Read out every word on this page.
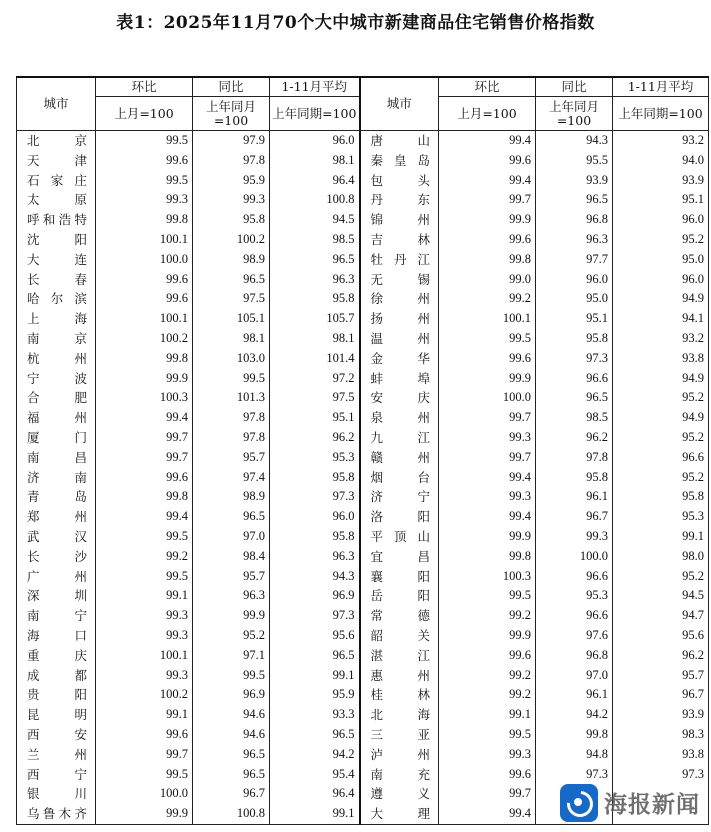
表1：2025年11月70个大中城市新建商品住宅销售价格指数
城市	环比	同比	1-11月平均	城市	环比	同比	1-11月平均
	上月=100	上年同月=100	上年同期=100		上月=100	上年同月=100	上年同期=100
北京	99.5	97.9	96.0	唐山	99.4	94.3	93.2
天津	99.6	97.8	98.1	秦皇岛	99.6	95.5	94.0
石家庄	99.5	95.9	96.4	包头	99.4	93.9	93.9
太原	99.3	99.3	100.8	丹东	99.7	96.5	95.1
呼和浩特	99.8	95.8	94.5	锦州	99.9	96.8	96.0
沈阳	100.1	100.2	98.5	吉林	99.6	96.3	95.2
大连	100.0	98.9	96.5	牡丹江	99.8	97.7	95.0
长春	99.6	96.5	96.3	无锡	99.0	96.0	96.0
哈尔滨	99.6	97.5	95.8	徐州	99.2	95.0	94.9
上海	100.1	105.1	105.7	扬州	100.1	95.1	94.1
南京	100.2	98.1	98.1	温州	99.5	95.8	93.2
杭州	99.8	103.0	101.4	金华	99.6	97.3	93.8
宁波	99.9	99.5	97.2	蚌埠	99.9	96.6	94.9
合肥	100.3	101.3	97.5	安庆	100.0	96.5	95.2
福州	99.4	97.8	95.1	泉州	99.7	98.5	94.9
厦门	99.7	97.8	96.2	九江	99.3	96.2	95.2
南昌	99.7	95.7	95.3	赣州	99.7	97.8	96.6
济南	99.6	97.4	95.8	烟台	99.4	95.8	95.2
青岛	99.8	98.9	97.3	济宁	99.3	96.1	95.8
郑州	99.4	96.5	96.0	洛阳	99.4	96.7	95.3
武汉	99.5	97.0	95.8	平顶山	99.9	99.3	99.1
长沙	99.2	98.4	96.3	宜昌	99.8	100.0	98.0
广州	99.5	95.7	94.3	襄阳	100.3	96.6	95.2
深圳	99.1	96.3	96.9	岳阳	99.5	95.3	94.5
南宁	99.3	99.9	97.3	常德	99.2	96.6	94.7
海口	99.3	95.2	95.6	韶关	99.9	97.6	95.6
重庆	100.1	97.1	96.5	湛江	99.6	96.8	96.2
成都	99.3	99.5	99.1	惠州	99.2	97.0	95.7
贵阳	100.2	96.9	95.9	桂林	99.2	96.1	96.7
昆明	99.1	94.6	93.3	北海	99.1	94.2	93.9
西安	99.6	94.6	96.5	三亚	99.5	99.8	98.3
兰州	99.7	96.5	94.2	泸州	99.3	94.8	93.8
西宁	99.5	96.5	95.4	南充	99.6	97.3	97.3
银川	100.0	96.7	96.4	遵义	99.7		
乌鲁木齐	99.9	100.8	99.1	大理	99.4			海报新闻
